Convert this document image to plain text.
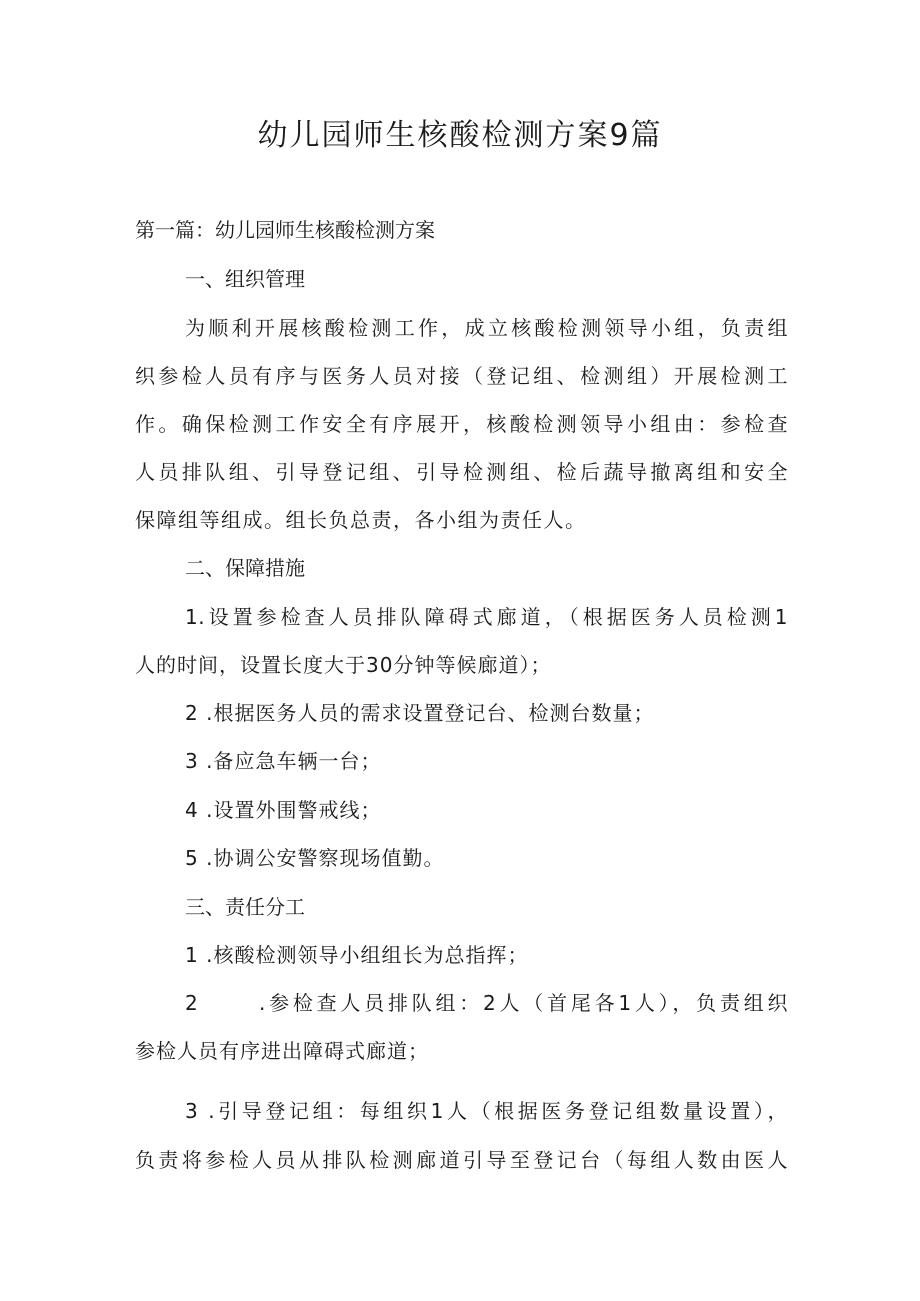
幼儿园师生核酸检测方案9篇

第一篇：幼儿园师生核酸检测方案

一、组织管理

为顺利开展核酸检测工作，成立核酸检测领导小组，负责组

织参检人员有序与医务人员对接（登记组、检测组）开展检测工

作。确保检测工作安全有序展开，核酸检测领导小组由：参检查

人员排队组、引导登记组、引导检测组、检后蔬导撤离组和安全

保障组等组成。组长负总责，各小组为责任人。

二、保障措施

1.设置参检查人员排队障碍式廊道，（根据医务人员检测1

人的时间，设置长度大于30分钟等候廊道）；

2 .根据医务人员的需求设置登记台、检测台数量；

3 .备应急车辆一台；

4 .设置外围警戒线；

5 .协调公安警察现场值勤。

三、责任分工

1 .核酸检测领导小组组长为总指挥；

2      .参检查人员排队组：2人（首尾各1人），负责组织

参检人员有序进出障碍式廊道；

3 .引导登记组：每组织1人（根据医务登记组数量设置），

负责将参检人员从排队检测廊道引导至登记台（每组人数由医人
